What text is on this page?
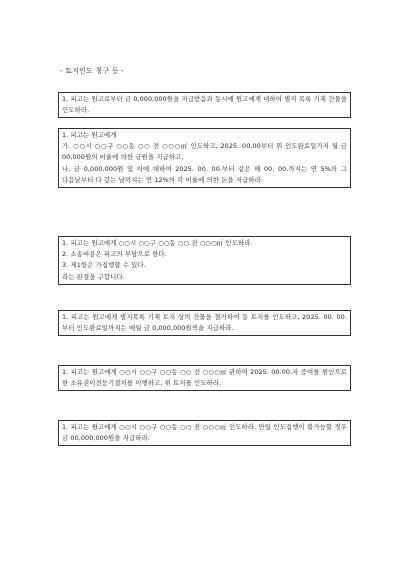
- 토지인도 청구 등 -

1. 피고는 원고로부터 금 0,000,000원을 지급받음과 동시에 원고에게 대하여 별지 목록 기재 건물을 인도하라.

1. 피고는 원고에게

가. ○○시 ○○구 ○○동 ○○ 전 ○○○㎡ 인도하고, 2025. 00.00부터 위 인도완료일가지 월 금 00,000원의 비율에 의한 금원을 지급하고,

나. 금 0,000,000원 및 이에 대하여 2025. 00. 00.부터 같은 해 00. 00.까지는 연 5%의 그 다음날부터 다 갚는 날까지는 연 12%의 각 비율에 의한 돈을 지급하라.

1. 피고는 원고에게 ○○시 ○○구 ○○동 ○○ 전 ○○○㎡ 인도하라.

2. 소송비용은 피고의 부담으로 한다.

3. 제1항은 가집행할 수 있다.

라는 판결을 구합니다.

1. 피고는 원고에게 별지목록 기재 토지 상의 건물을 철거하여 동 토지를 인도하고, 2025. 00. 00.부터 인도완료일까지는 매월 금 0,000,000원씩을 지급하라.

1. 피고는 원고에게 ○○시 ○○구 ○○동 ○○ 전 ○○○㎡ 관하여 2025. 00.00.자 증여를 원인으로 한 소유권이전등기절차를 이행하고, 위 토지를 인도하라.

1. 피고는 원고에게 ○○시 ○○구 ○○동 ○○ 전 ○○○㎡ 인도하라. 만일 인도집행이 불가능할 경우 금 00,000,000원을 지급하라.
